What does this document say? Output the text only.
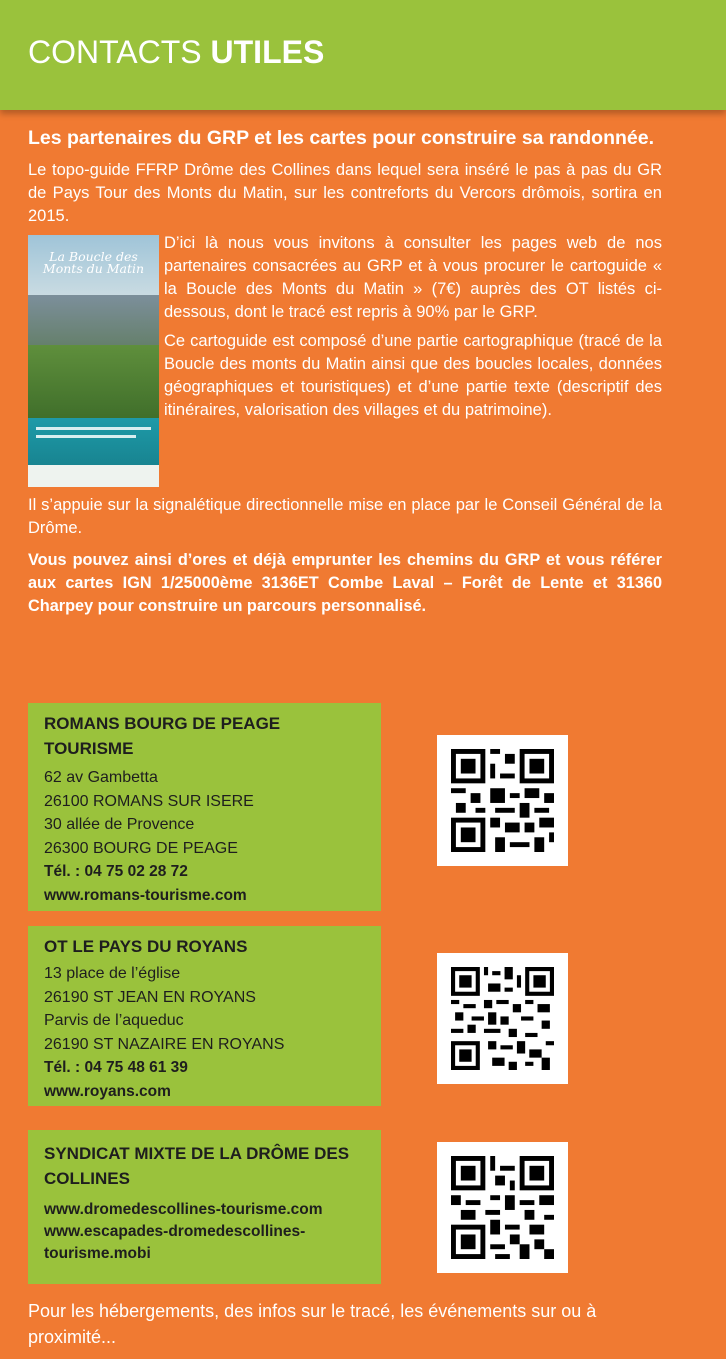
CONTACTS UTILES

Les partenaires du GRP et les cartes pour construire sa randonnée.

Le topo-guide FFRP Drôme des Collines dans lequel sera inséré le pas à pas du GR de Pays Tour des Monts du Matin, sur les contreforts du Vercors drômois, sortira en 2015.

La Boucle des Monts du Matin

D’ici là nous vous invitons à consulter les pages web de nos partenaires consacrées au GRP et à vous procurer le cartoguide « la Boucle des Monts du Matin » (7€) auprès des OT listés ci-dessous, dont le tracé est repris à 90% par le GRP.

Ce cartoguide est composé d’une partie cartographique (tracé de la Boucle des monts du Matin ainsi que des boucles locales, données géographiques et touristiques) et d’une partie texte (descriptif des itinéraires, valorisation des villages et du patrimoine).

Il s’appuie sur la signalétique directionnelle mise en place par le Conseil Général de la Drôme.

Vous pouvez ainsi d’ores et déjà emprunter les chemins du GRP et vous référer aux cartes IGN 1/25000ème 3136ET Combe Laval – Forêt de Lente et 31360 Charpey pour construire un parcours personnalisé.

ROMANS BOURG DE PEAGE TOURISME
62 av Gambetta
26100 ROMANS SUR ISERE
30 allée de Provence
26300 BOURG DE PEAGE
Tél. : 04 75 02 28 72
www.romans-tourisme.com
OT LE PAYS DU ROYANS
13 place de l’église
26190 ST JEAN EN ROYANS
Parvis de l’aqueduc
26190 ST NAZAIRE EN ROYANS
Tél. : 04 75 48 61 39
www.royans.com
SYNDICAT MIXTE DE LA DRÔME DES COLLINES
www.dromedescollines-tourisme.com
www.escapades-dromedescollines-tourisme.mobi
Pour les hébergements, des infos sur le tracé, les événements sur ou à proximité...
